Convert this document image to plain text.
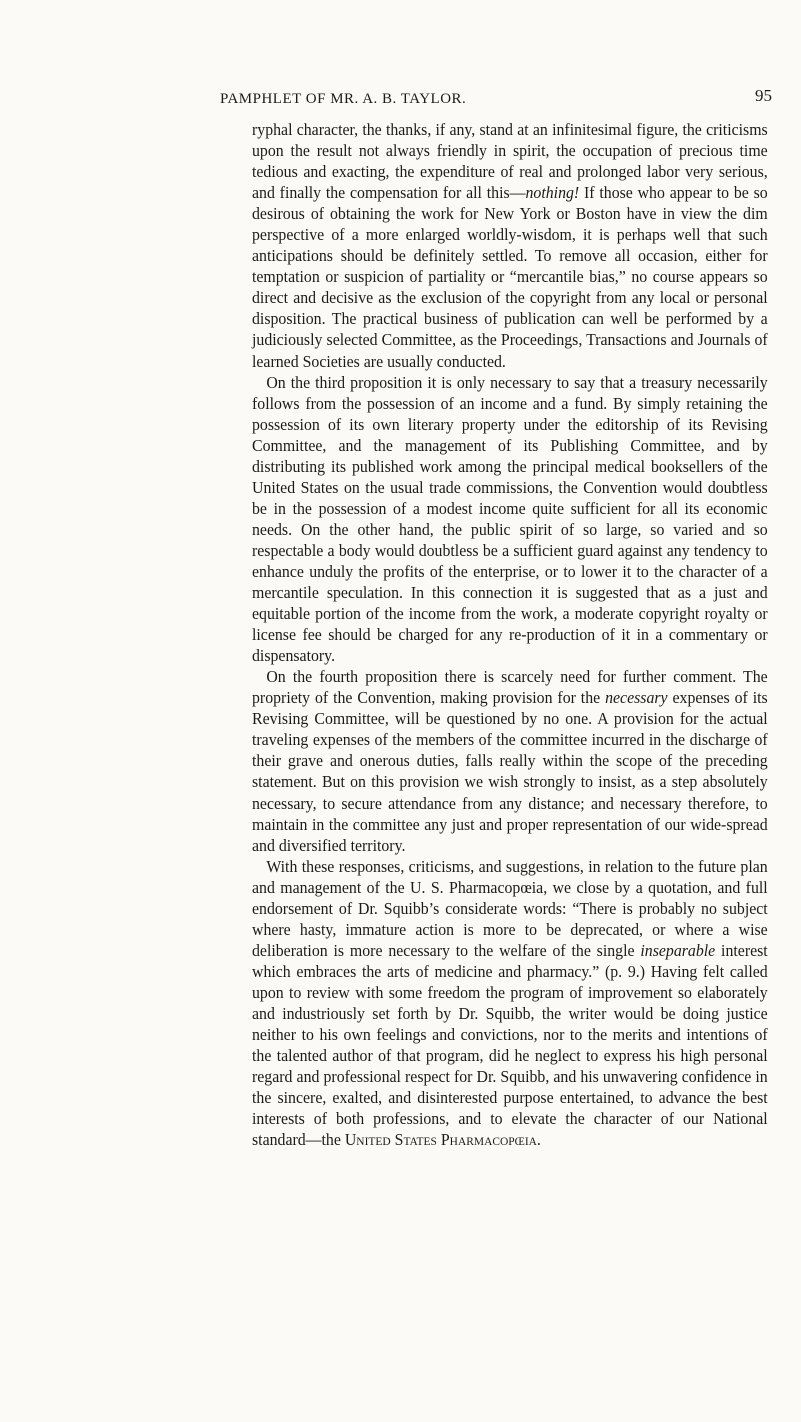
PAMPHLET OF MR. A. B. TAYLOR.	95

ryphal character, the thanks, if any, stand at an infinitesimal figure, the criticisms upon the result not always friendly in spirit, the occupation of precious time tedious and exacting, the expenditure of real and prolonged labor very serious, and finally the compensation for all this—nothing! If those who appear to be so desirous of obtaining the work for New York or Boston have in view the dim perspective of a more enlarged worldly-wisdom, it is perhaps well that such anticipations should be definitely settled. To remove all occasion, either for temptation or suspicion of partiality or “mercantile bias,” no course appears so direct and decisive as the exclusion of the copyright from any local or personal disposition. The practical business of publication can well be performed by a judiciously selected Committee, as the Proceedings, Transactions and Journals of learned Societies are usually conducted.

On the third proposition it is only necessary to say that a treasury necessarily follows from the possession of an income and a fund. By simply retaining the possession of its own literary property under the editorship of its Revising Committee, and the management of its Publishing Committee, and by distributing its published work among the principal medical booksellers of the United States on the usual trade commissions, the Convention would doubtless be in the possession of a modest income quite sufficient for all its economic needs. On the other hand, the public spirit of so large, so varied and so respectable a body would doubtless be a sufficient guard against any tendency to enhance unduly the profits of the enterprise, or to lower it to the character of a mercantile speculation. In this connection it is suggested that as a just and equitable portion of the income from the work, a moderate copyright royalty or license fee should be charged for any re-production of it in a commentary or dispensatory.

On the fourth proposition there is scarcely need for further comment. The propriety of the Convention, making provision for the necessary expenses of its Revising Committee, will be questioned by no one. A provision for the actual traveling expenses of the members of the committee incurred in the discharge of their grave and onerous duties, falls really within the scope of the preceding statement. But on this provision we wish strongly to insist, as a step absolutely necessary, to secure attendance from any distance; and necessary therefore, to maintain in the committee any just and proper representation of our wide-spread and diversified territory.

With these responses, criticisms, and suggestions, in relation to the future plan and management of the U. S. Pharmacopœia, we close by a quotation, and full endorsement of Dr. Squibb’s considerate words: “There is probably no subject where hasty, immature action is more to be deprecated, or where a wise deliberation is more necessary to the welfare of the single inseparable interest which embraces the arts of medicine and pharmacy.” (p. 9.) Having felt called upon to review with some freedom the program of improvement so elaborately and industriously set forth by Dr. Squibb, the writer would be doing justice neither to his own feelings and convictions, nor to the merits and intentions of the talented author of that program, did he neglect to express his high personal regard and professional respect for Dr. Squibb, and his unwavering confidence in the sincere, exalted, and disinterested purpose entertained, to advance the best interests of both professions, and to elevate the character of our National standard—the United States Pharmacopœia.
